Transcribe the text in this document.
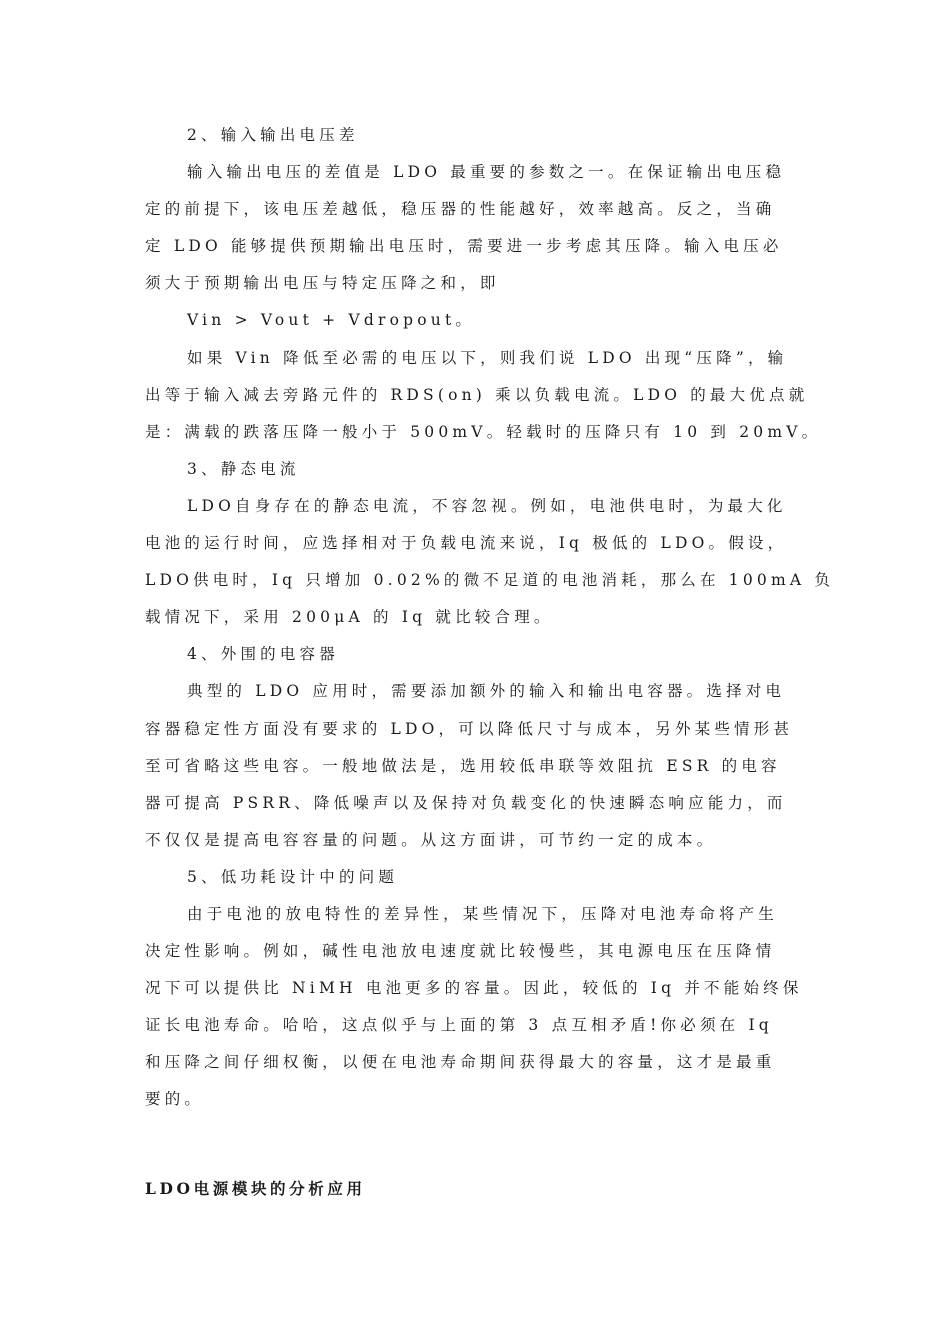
2、输入输出电压差
输入输出电压的差值是 LDO 最重要的参数之一。在保证输出电压稳
定的前提下，该电压差越低，稳压器的性能越好，效率越高。反之，当确
定 LDO 能够提供预期输出电压时，需要进一步考虑其压降。输入电压必
须大于预期输出电压与特定压降之和，即
Vin > Vout + Vdropout。
如果 Vin 降低至必需的电压以下，则我们说 LDO 出现“压降”，输
出等于输入减去旁路元件的 RDS(on) 乘以负载电流。LDO 的最大优点就
是：满载的跌落压降一般小于 500mV。轻载时的压降只有 10 到 20mV。
3、静态电流
LDO自身存在的静态电流，不容忽视。例如，电池供电时，为最大化
电池的运行时间，应选择相对于负载电流来说，Iq 极低的 LDO。假设，
LDO供电时，Iq 只增加 0.02%的微不足道的电池消耗，那么在 100mA 负
载情况下，采用 200μA 的 Iq 就比较合理。
4、外围的电容器
典型的 LDO 应用时，需要添加额外的输入和输出电容器。选择对电
容器稳定性方面没有要求的 LDO，可以降低尺寸与成本，另外某些情形甚
至可省略这些电容。一般地做法是，选用较低串联等效阻抗 ESR 的电容
器可提高 PSRR、降低噪声以及保持对负载变化的快速瞬态响应能力，而
不仅仅是提高电容容量的问题。从这方面讲，可节约一定的成本。
5、低功耗设计中的问题
由于电池的放电特性的差异性，某些情况下，压降对电池寿命将产生
决定性影响。例如，碱性电池放电速度就比较慢些，其电源电压在压降情
况下可以提供比 NiMH 电池更多的容量。因此，较低的 Iq 并不能始终保
证长电池寿命。哈哈，这点似乎与上面的第 3 点互相矛盾!你必须在 Iq
和压降之间仔细权衡，以便在电池寿命期间获得最大的容量，这才是最重
要的。
LDO电源模块的分析应用
